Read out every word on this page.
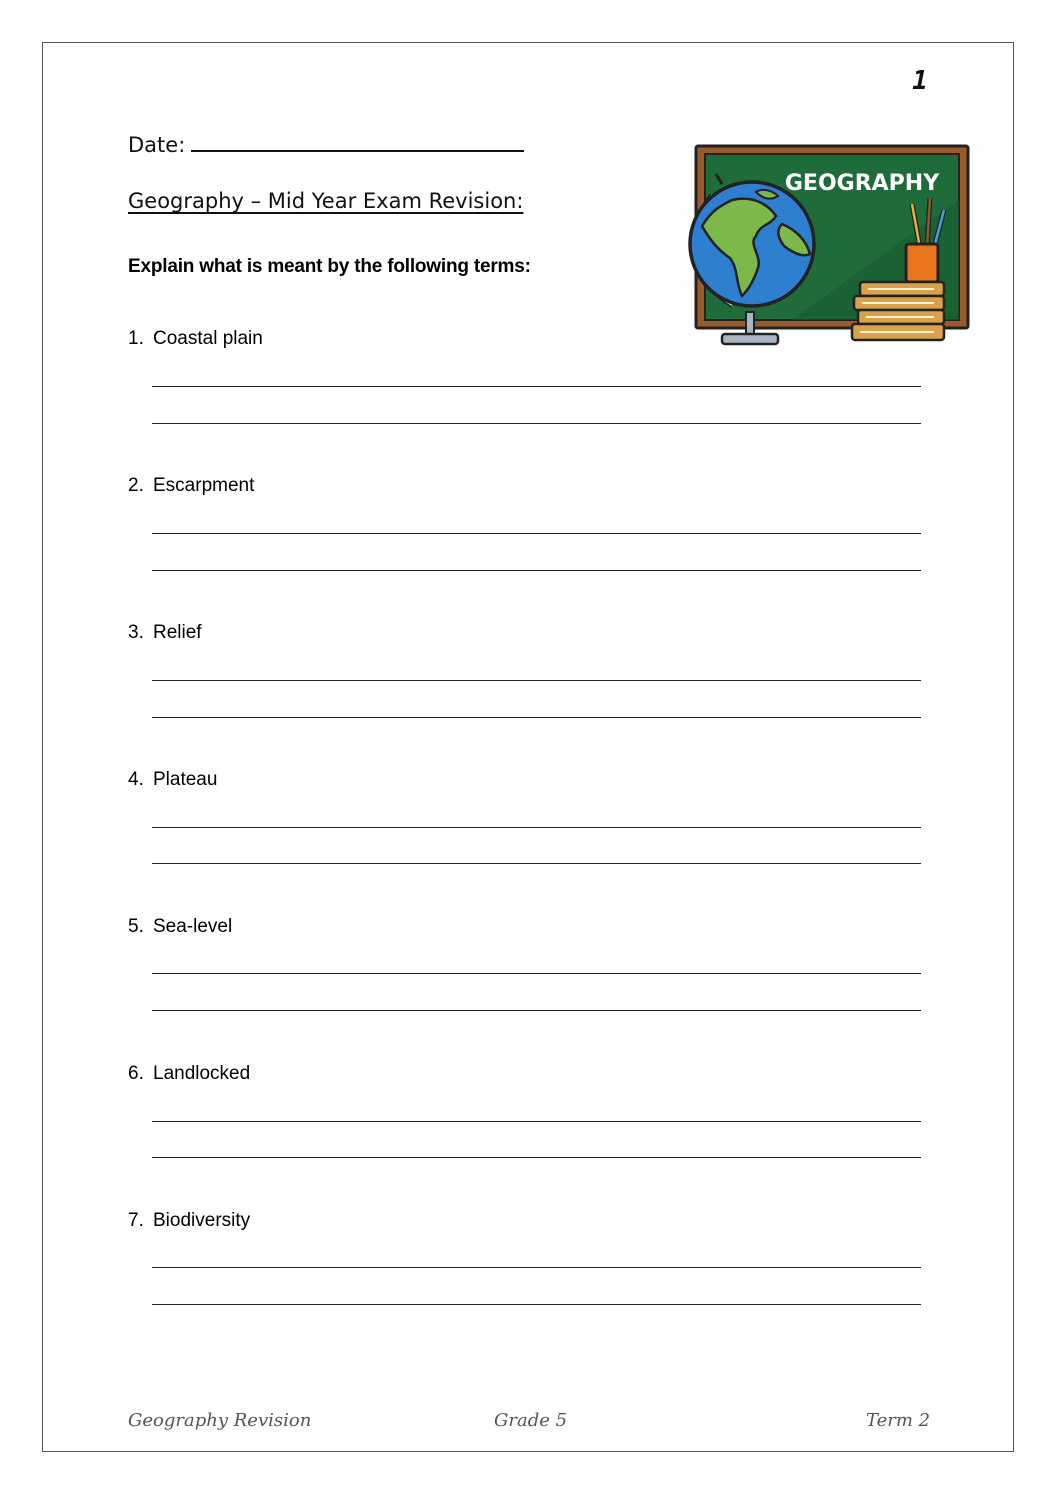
1
Date:
Geography – Mid Year Exam Revision:
Explain what is meant by the following terms:
GEOGRAPHY
1. Coastal plain
2. Escarpment
3. Relief
4. Plateau
5. Sea-level
6. Landlocked
7. Biodiversity
Geography Revision	Grade 5	Term 2
